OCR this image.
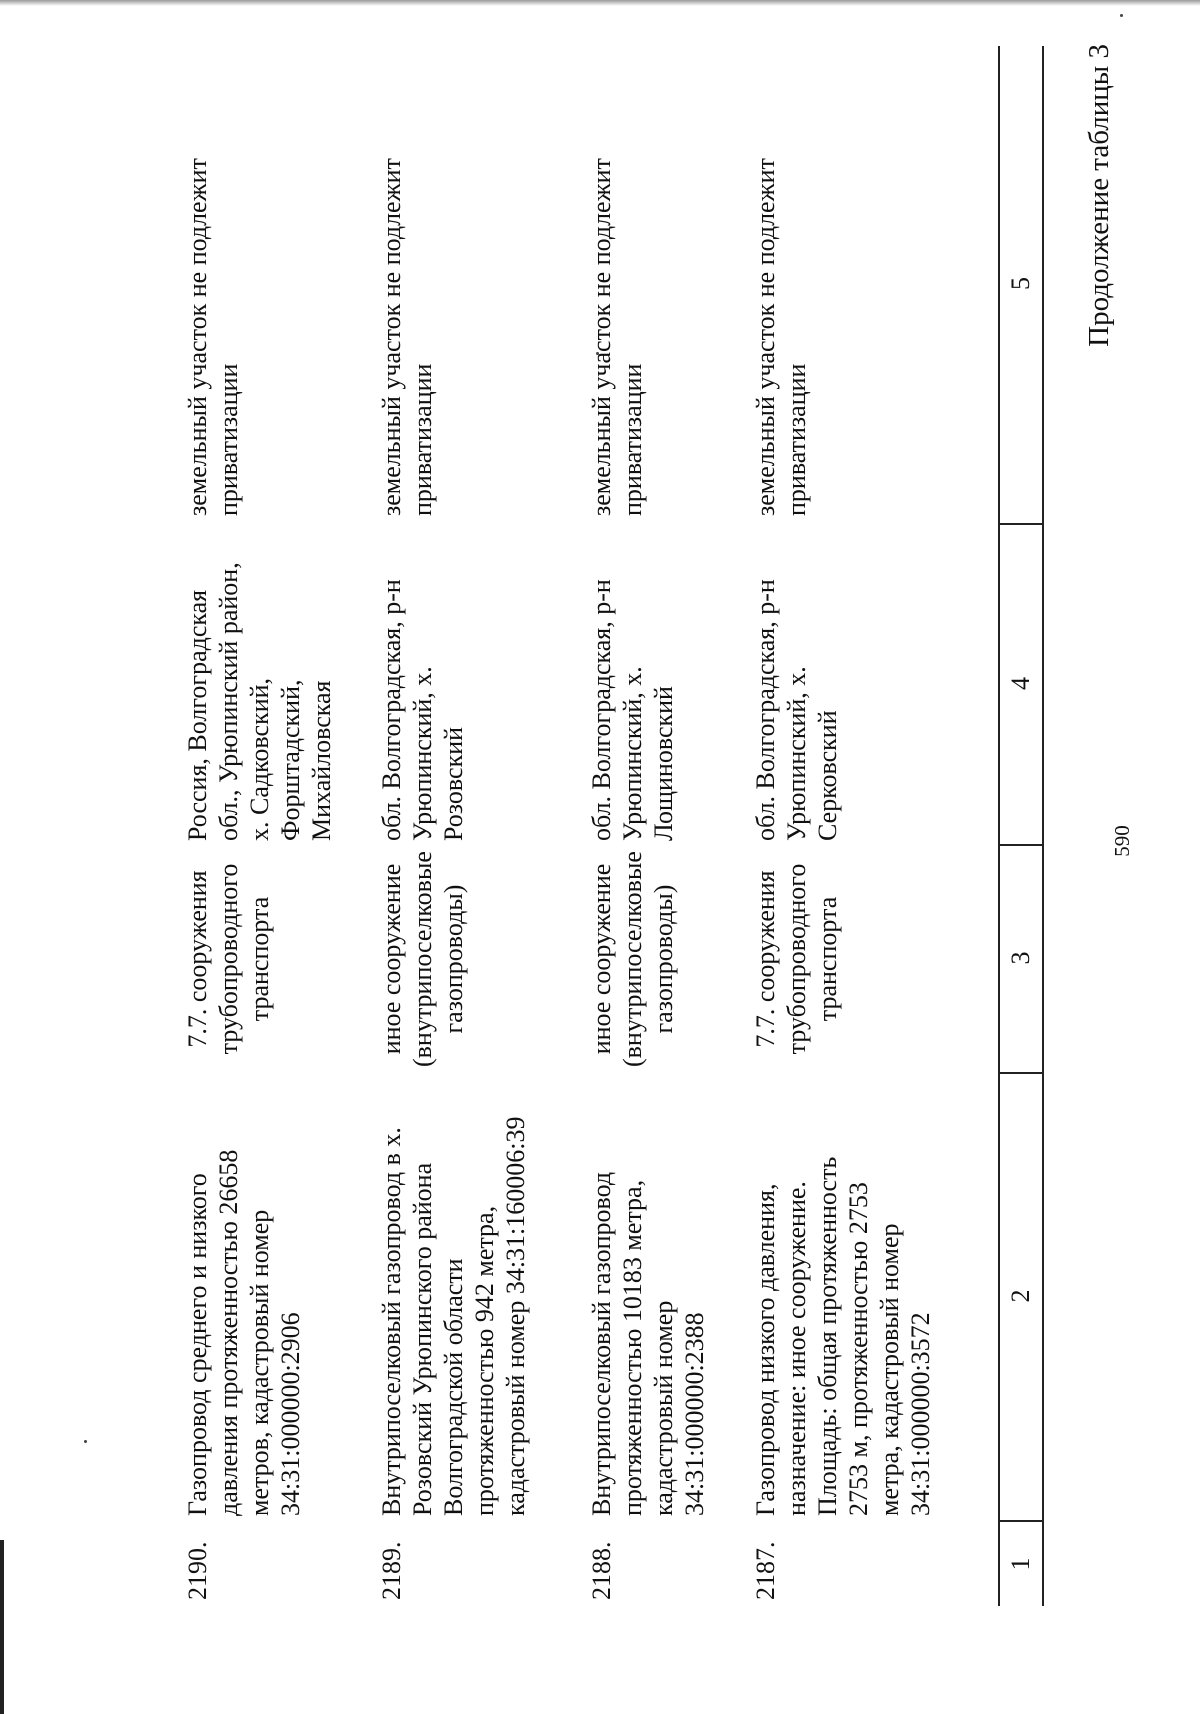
590
Продолжение таблицы 3
1
2
3
4
5
2187.
Газопровод низкого давления, назначение: иное сооружение. Площадь: общая протяженность 2753 м, протяженностью 2753 метра, кадастровый номер 34:31:000000:3572
7.7. сооружения трубопроводного транспорта
обл. Волгоградская, р-н Урюпинский, х. Серковский
земельный участок не подлежит приватизации
2188.
Внутрипоселковый газопровод протяженностью 10183 метра, кадастровый номер 34:31:000000:2388
иное сооружение (внутрипоселковые газопроводы)
обл. Волгоградская, р-н Урюпинский, х. Лощиновский
земельный участок не подлежит приватизации
2189.
Внутрипоселковый газопровод в х. Розовский Урюпинского района Волгоградской области протяженностью 942 метра, кадастровый номер 34:31:160006:39
иное сооружение (внутрипоселковые газопроводы)
обл. Волгоградская, р-н Урюпинский, х. Розовский
земельный участок не подлежит приватизации
2190.
Газопровод среднего и низкого давления протяженностью 26658 метров, кадастровый номер 34:31:000000:2906
7.7. сооружения трубопроводного транспорта
Россия, Волгоградская обл., Урюпинский район, х. Садковский, Форштадский, Михайловская
земельный участок не подлежит приватизации
